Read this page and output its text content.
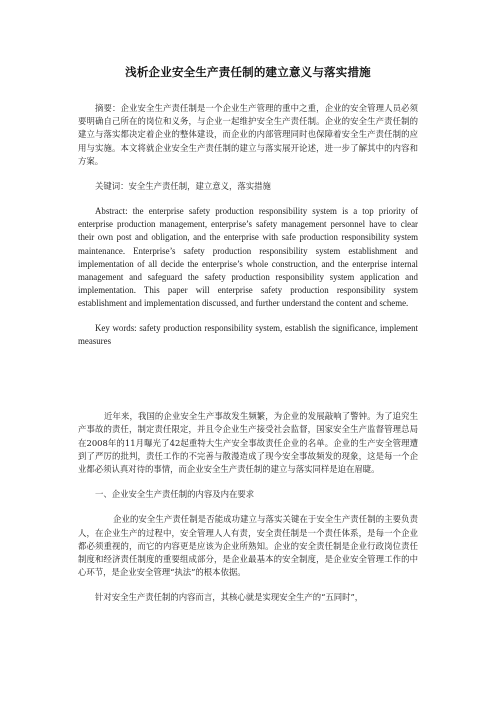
浅析企业安全生产责任制的建立意义与落实措施

摘要：企业安全生产责任制是一个企业生产管理的重中之重，企业的安全管理人员必须要明确自己所在的岗位和义务，与企业一起维护安全生产责任制。企业的安全生产责任制的建立与落实都决定着企业的整体建设，而企业的内部管理同时也保障着安全生产责任制的应用与实施。本文将就企业安全生产责任制的建立与落实展开论述，进一步了解其中的内容和方案。

关键词：安全生产责任制，建立意义，落实措施

Abstract: the enterprise safety production responsibility system is a top priority of enterprise production management, enterprise’s safety management personnel have to clear their own post and obligation, and the enterprise with safe production responsibility system maintenance. Enterprise’s safety production responsibility system establishment and implementation of all decide the enterprise’s whole construction, and the enterprise internal management and safeguard the safety production responsibility system application and implementation. This paper will enterprise safety production responsibility system establishment and implementation discussed, and further understand the content and scheme.

Key words: safety production responsibility system, establish the significance, implement measures

近年来，我国的企业安全生产事故发生频繁，为企业的发展敲响了警钟。为了追究生产事故的责任，制定责任限定，并且令企业生产接受社会监督，国家安全生产监督管理总局在2008年的11月曝光了42起重特大生产安全事故责任企业的名单。企业的生产安全管理遭到了严厉的批判，责任工作的不完善与散漫造成了现今安全事故频发的现象，这是每一个企业都必须认真对待的事情，而企业安全生产责任制的建立与落实同样是迫在眉睫。

一、企业安全生产责任制的内容及内在要求

企业的安全生产责任制是否能成功建立与落实关键在于安全生产责任制的主要负责人，在企业生产的过程中，安全管理人人有责，安全责任制是一个责任体系，是每一个企业都必须重视的，而它的内容更是应该为企业所熟知。企业的安全责任制是企业行政岗位责任制度和经济责任制度的重要组成部分，是企业最基本的安全制度，是企业安全管理工作的中心环节，是企业安全管理“执法”的根本依据。

针对安全生产责任制的内容而言，其核心就是实现安全生产的“五同时”，
